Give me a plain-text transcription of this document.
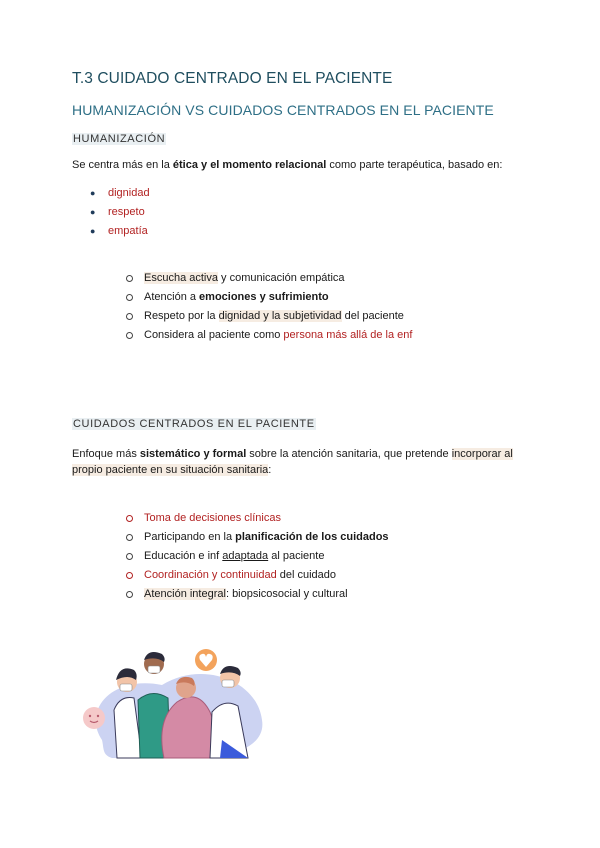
T.3 CUIDADO CENTRADO EN EL PACIENTE
HUMANIZACIÓN VS CUIDADOS CENTRADOS EN EL PACIENTE
HUMANIZACIÓN
Se centra más en la ética y el momento relacional como parte terapéutica, basado en:
● dignidad
● respeto
● empatía
Escucha activa y comunicación empática
Atención a emociones y sufrimiento
Respeto por la dignidad y la subjetividad del paciente
Considera al paciente como persona más allá de la enf
CUIDADOS CENTRADOS EN EL PACIENTE
Enfoque más sistemático y formal sobre la atención sanitaria, que pretende incorporar al
propio paciente en su situación sanitaria:
Toma de decisiones clínicas
Participando en la planificación de los cuidados
Educación e inf adaptada al paciente
Coordinación y continuidad del cuidado
Atención integral: biopsicosocial y cultural
